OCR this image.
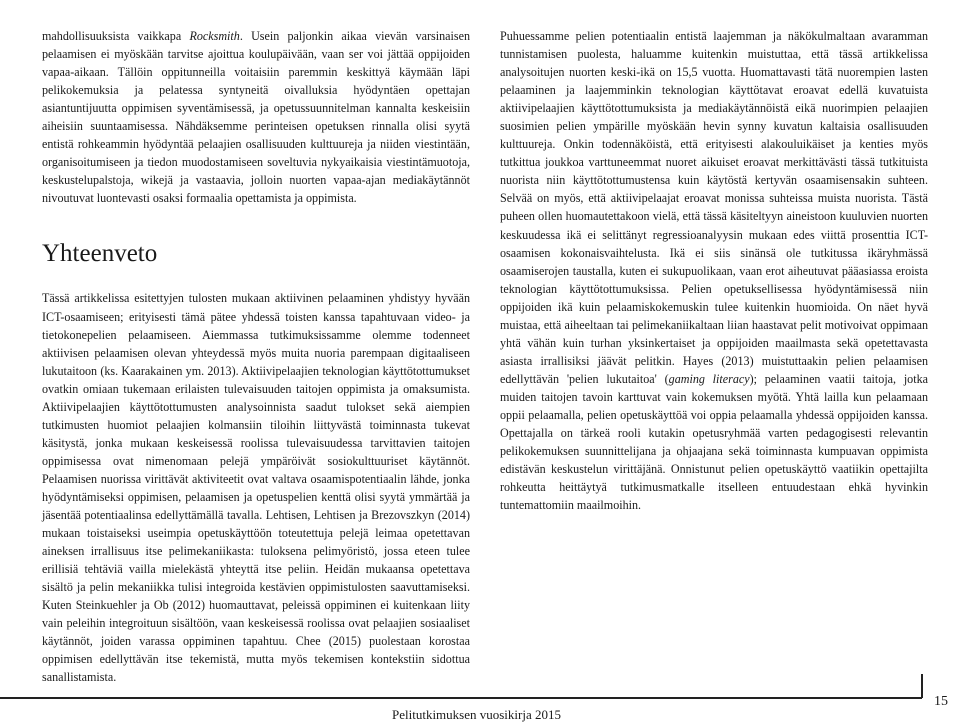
mahdollisuuksista vaikkapa Rocksmith. Usein paljonkin aikaa vievän varsinaisen pelaamisen ei myöskään tarvitse ajoittua koulupäivään, vaan ser voi jättää oppijoiden vapaa-aikaan. Tällöin oppitunneilla voitaisiin paremmin keskittyä käymään läpi pelikokemuksia ja pelatessa syntyneitä oivalluksia hyödyntäen opettajan asiantuntijuutta oppimisen syventämisessä, ja opetussuunnitelman kannalta keskeisiin aiheisiin suuntaamisessa. Nähdäksemme perinteisen opetuksen rinnalla olisi syytä entistä rohkeammin hyödyntää pelaajien osallisuuden kulttuureja ja niiden viestintään, organisoitumiseen ja tiedon muodostamiseen soveltuvia nykyaikaisia viestintämuotoja, keskustelupalstoja, wikejä ja vastaavia, jolloin nuorten vapaa-ajan mediakäytännöt nivoutuvat luontevasti osaksi formaalia opettamista ja oppimista.

Yhteenveto

Tässä artikkelissa esitettyjen tulosten mukaan aktiivinen pelaaminen yhdistyy hyvään ICT-osaamiseen; erityisesti tämä pätee yhdessä toisten kanssa tapahtuvaan video- ja tietokonepelien pelaamiseen. Aiemmassa tutkimuksissamme olemme todenneet aktiivisen pelaamisen olevan yhteydessä myös muita nuoria parempaan digitaaliseen lukutaitoon (ks. Kaarakainen ym. 2013). Aktiivipelaajien teknologian käyttötottumukset ovatkin omiaan tukemaan erilaisten tulevaisuuden taitojen oppimista ja omaksumista. Aktiivipelaajien käyttötottumusten analysoinnista saadut tulokset sekä aiempien tutkimusten huomiot pelaajien kolmansiin tiloihin liittyvästä toiminnasta tukevat käsitystä, jonka mukaan keskeisessä roolissa tulevaisuudessa tarvittavien taitojen oppimisessa ovat nimenomaan pelejä ympäröivät sosiokulttuuriset käytännöt. Pelaamisen nuorissa virittävät aktiviteetit ovat valtava osaamispotentiaalin lähde, jonka hyödyntämiseksi oppimisen, pelaamisen ja opetuspelien kenttä olisi syytä ymmärtää ja jäsentää potentiaalinsa edellyttämällä tavalla. Lehtisen, Lehtisen ja Brezovszkyn (2014) mukaan toistaiseksi useimpia opetuskäyttöön toteutettuja pelejä leimaa opetettavan aineksen irrallisuus itse pelimekaniikasta: tuloksena pelimyöristö, jossa eteen tulee erillisiä tehtäviä vailla mielekästä yhteyttä itse peliin. Heidän mukaansa opetettava sisältö ja pelin mekaniikka tulisi integroida kestävien oppimistulosten saavuttamiseksi. Kuten Steinkuehler ja Ob (2012) huomauttavat, peleissä oppiminen ei kuitenkaan liity vain peleihin integroituun sisältöön, vaan keskeisessä roolissa ovat pelaajien sosiaaliset käytännöt, joiden varassa oppiminen tapahtuu. Chee (2015) puolestaan korostaa oppimisen edellyttävän itse tekemistä, mutta myös tekemisen kontekstiin sidottua sanallistamista.

Puhuessamme pelien potentiaalin entistä laajemman ja näkökulmaltaan avaramman tunnistamisen puolesta, haluamme kuitenkin muistuttaa, että tässä artikkelissa analysoitujen nuorten keski-ikä on 15,5 vuotta. Huomattavasti tätä nuorempien lasten pelaaminen ja laajemminkin teknologian käyttötavat eroavat edellä kuvatuista aktiivipelaajien käyttötottumuksista ja mediakäytännöistä eikä nuorimpien pelaajien suosimien pelien ympärille myöskään hevin synny kuvatun kaltaisia osallisuuden kulttuureja. Onkin todennäköistä, että erityisesti alakouluikäiset ja kenties myös tutkittua joukkoa varttuneemmat nuoret aikuiset eroavat merkittävästi tässä tutkituista nuorista niin käyttötottumustensa kuin käytöstä kertyvän osaamisensakin suhteen. Selvää on myös, että aktiivipelaajat eroavat monissa suhteissa muista nuorista. Tästä puheen ollen huomautettakoon vielä, että tässä käsiteltyyn aineistoon kuuluvien nuorten keskuudessa ikä ei selittänyt regressioanalyysin mukaan edes viittä prosenttia ICT-osaamisen kokonaisvaihtelusta. Ikä ei siis sinänsä ole tutkitussa ikäryhmässä osaamiserojen taustalla, kuten ei sukupuolikaan, vaan erot aiheutuvat pääasiassa eroista teknologian käyttötottumuksissa. Pelien opetuksellisessa hyödyntämisessä niin oppijoiden ikä kuin pelaamiskokemuskin tulee kuitenkin huomioida. On näet hyvä muistaa, että aiheeltaan tai pelimekaniikaltaan liian haastavat pelit motivoivat oppimaan yhtä vähän kuin turhan yksinkertaiset ja oppijoiden maailmasta sekä opetettavasta asiasta irrallisiksi jäävät pelitkin. Hayes (2013) muistuttaakin pelien pelaamisen edellyttävän 'pelien lukutaitoa' (gaming literacy); pelaaminen vaatii taitoja, jotka muiden taitojen tavoin karttuvat vain kokemuksen myötä. Yhtä lailla kun pelaamaan oppii pelaamalla, pelien opetuskäyttöä voi oppia pelaamalla yhdessä oppijoiden kanssa. Opettajalla on tärkeä rooli kutakin opetusryhmää varten pedagogisesti relevantin pelikokemuksen suunnittelijana ja ohjaajana sekä toiminnasta kumpuavan oppimista edistävän keskustelun virittäjänä. Onnistunut pelien opetuskäyttö vaatiikin opettajilta rohkeutta heittäytyä tutkimusmatkalle itselleen entuudestaan ehkä hyvinkin tuntemattomiin maailmoihin.

Pelitutkimuksen vuosikirja 2015
15
